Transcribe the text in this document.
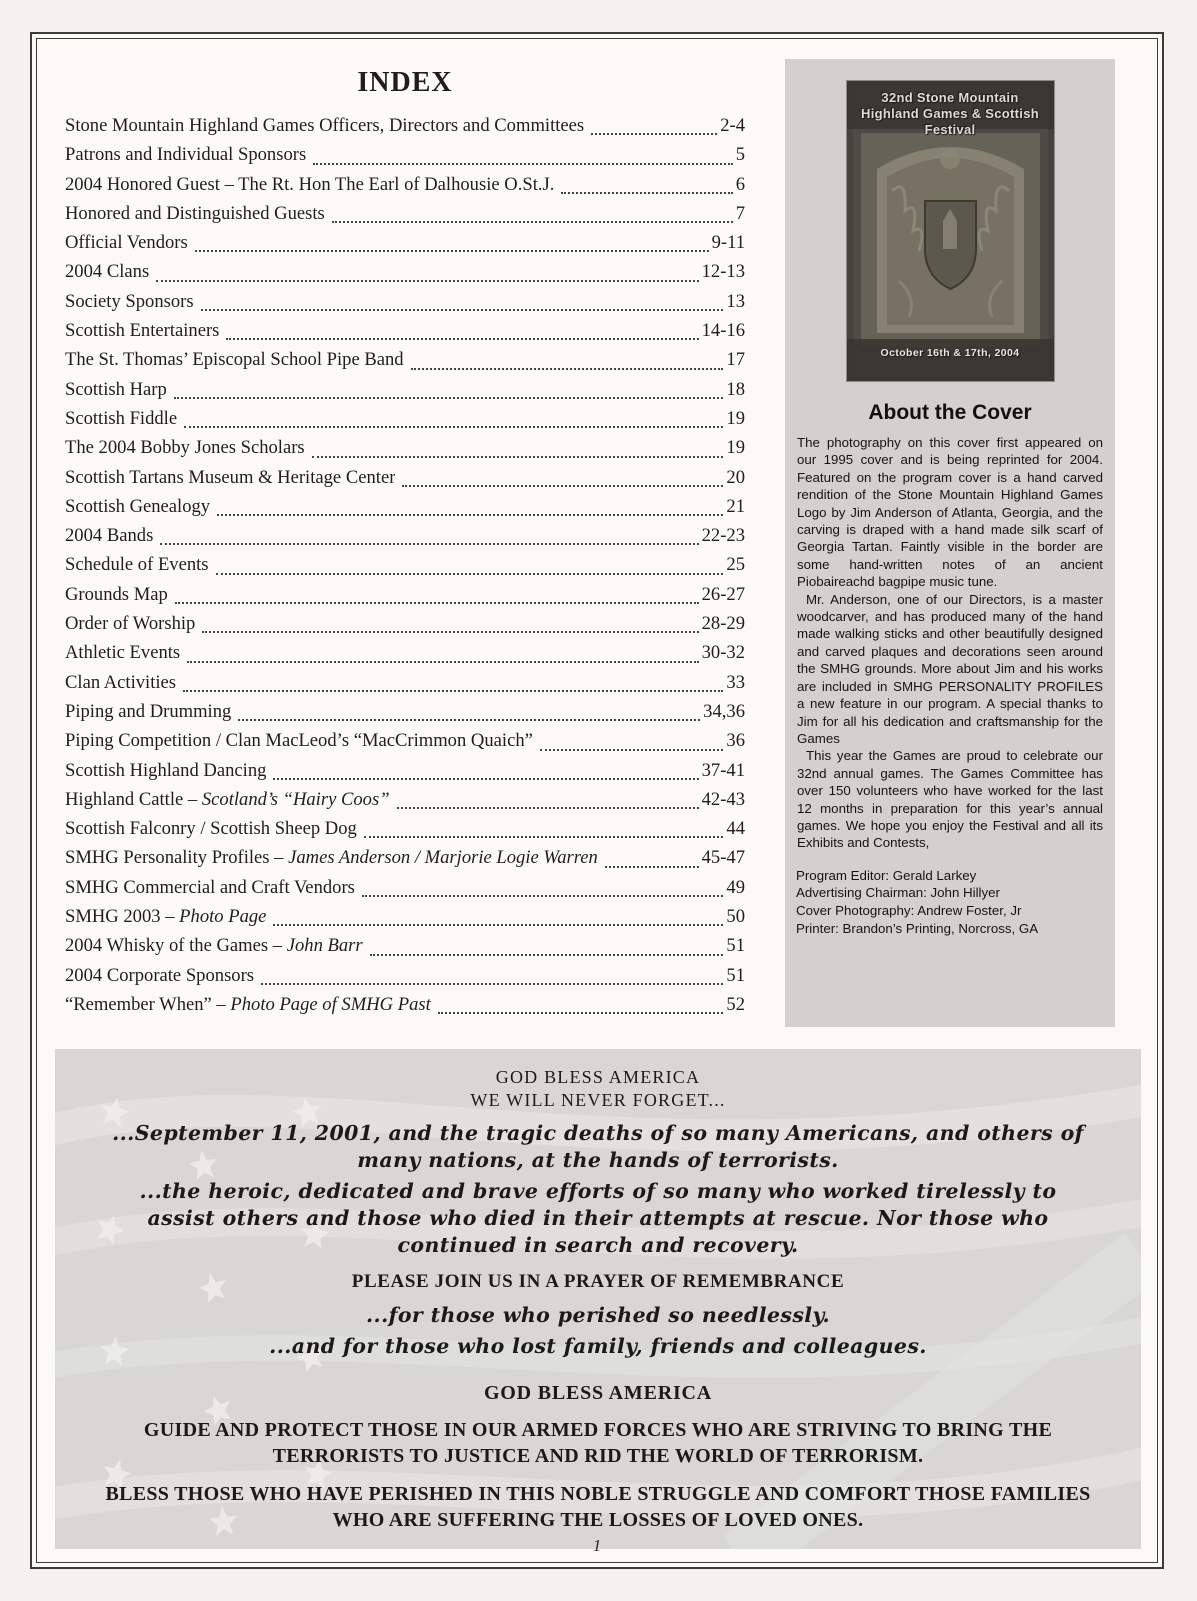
INDEX
Stone Mountain Highland Games Officers, Directors and Committees	2-4
Patrons and Individual Sponsors	5
2004 Honored Guest – The Rt. Hon The Earl of Dalhousie O.St.J.	6
Honored and Distinguished Guests	7
Official Vendors	9-11
2004 Clans	12-13
Society Sponsors	13
Scottish Entertainers	14-16
The St. Thomas’ Episcopal School Pipe Band	17
Scottish Harp	18
Scottish Fiddle	19
The 2004 Bobby Jones Scholars	19
Scottish Tartans Museum & Heritage Center	20
Scottish Genealogy	21
2004 Bands	22-23
Schedule of Events	25
Grounds Map	26-27
Order of Worship	28-29
Athletic Events	30-32
Clan Activities	33
Piping and Drumming	34,36
Piping Competition / Clan MacLeod’s “MacCrimmon Quaich”	36
Scottish Highland Dancing	37-41
Highland Cattle – Scotland’s “Hairy Coos”	42-43
Scottish Falconry / Scottish Sheep Dog	44
SMHG Personality Profiles – James Anderson / Marjorie Logie Warren	45-47
SMHG Commercial and Craft Vendors	49
SMHG 2003 – Photo Page	50
2004 Whisky of the Games – John Barr	51
2004 Corporate Sponsors	51
“Remember When” – Photo Page of SMHG Past	52
32nd Stone Mountain Highland Games & Scottish Festival
October 16th & 17th, 2004
About the Cover

The photography on this cover first appeared on our 1995 cover and is being reprinted for 2004. Featured on the program cover is a hand carved rendition of the Stone Mountain Highland Games Logo by Jim Anderson of Atlanta, Georgia, and the carving is draped with a hand made silk scarf of Georgia Tartan. Faintly visible in the border are some hand-written notes of an ancient Piobaireachd bagpipe music tune.

Mr. Anderson, one of our Directors, is a master woodcarver, and has produced many of the hand made walking sticks and other beautifully designed and carved plaques and decorations seen around the SMHG grounds. More about Jim and his works are included in SMHG PERSONALITY PROFILES a new feature in our program. A special thanks to Jim for all his dedication and craftsmanship for the Games

This year the Games are proud to celebrate our 32nd annual games. The Games Committee has over 150 volunteers who have worked for the last 12 months in preparation for this year’s annual games. We hope you enjoy the Festival and all its Exhibits and Contests,

Program Editor: Gerald Larkey
Advertising Chairman: John Hillyer
Cover Photography: Andrew Foster, Jr
Printer: Brandon’s Printing, Norcross, GA

GOD BLESS AMERICA

WE WILL NEVER FORGET...

...September 11, 2001, and the tragic deaths of so many Americans, and others of many nations, at the hands of terrorists.

...the heroic, dedicated and brave efforts of so many who worked tirelessly to assist others and those who died in their attempts at rescue. Nor those who continued in search and recovery.

PLEASE JOIN US IN A PRAYER OF REMEMBRANCE

...for those who perished so needlessly.

...and for those who lost family, friends and colleagues.

GOD BLESS AMERICA

GUIDE AND PROTECT THOSE IN OUR ARMED FORCES WHO ARE STRIVING TO BRING THE TERRORISTS TO JUSTICE AND RID THE WORLD OF TERRORISM.

BLESS THOSE WHO HAVE PERISHED IN THIS NOBLE STRUGGLE AND COMFORT THOSE FAMILIES WHO ARE SUFFERING THE LOSSES OF LOVED ONES.

1
